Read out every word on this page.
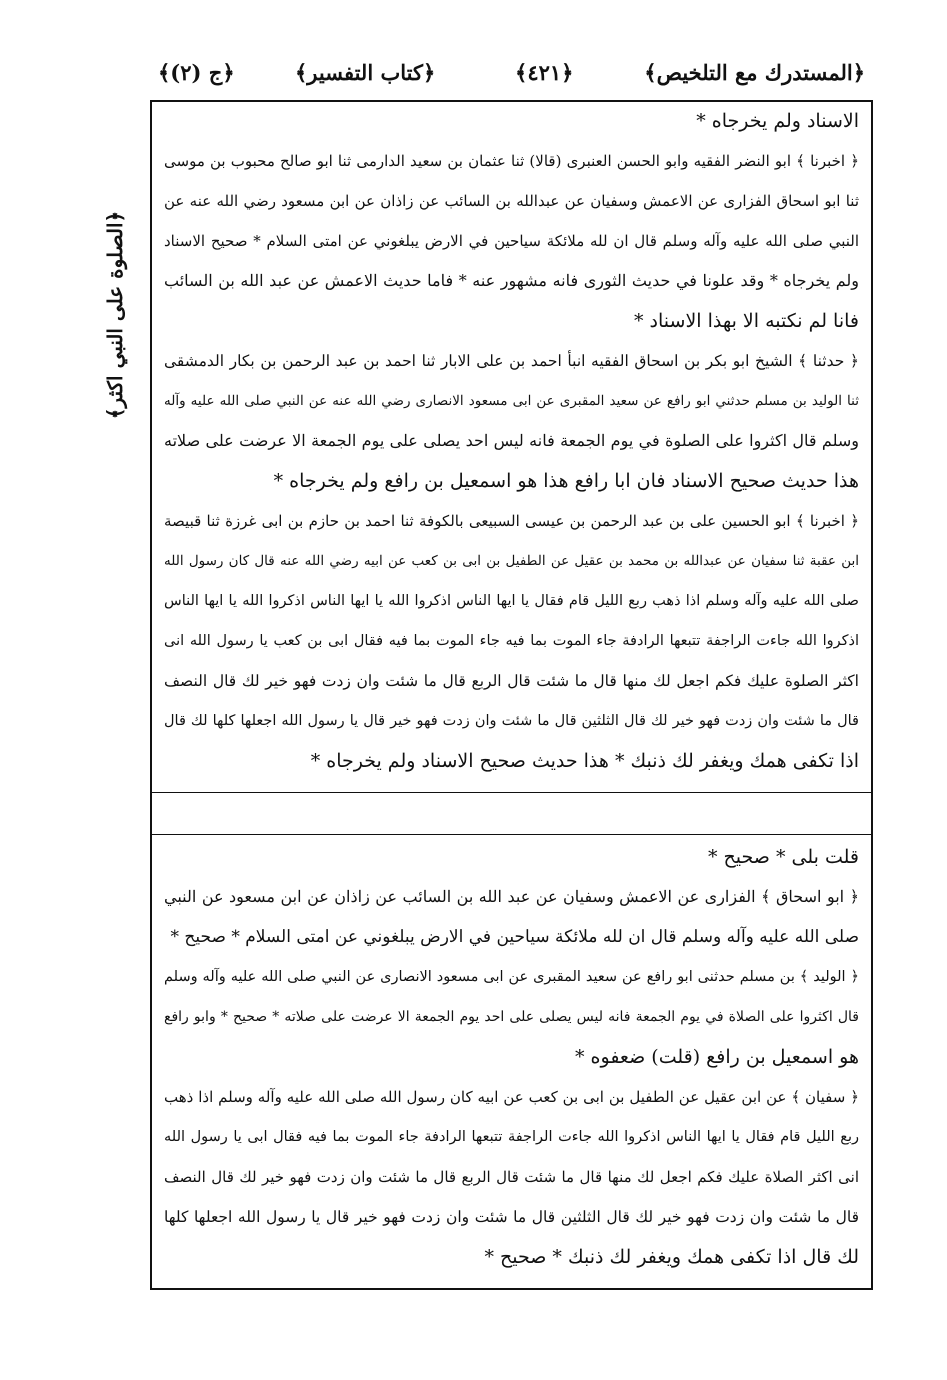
﴿المستدرك مع التلخيص﴾
﴿٤٢١﴾
﴿كتاب التفسير﴾
﴿ج (٢)﴾
﴿الصلوة على النبي اكثر﴾
الاسناد ولم يخرجاه *
﴿ اخبرنا ﴾ ابو النضر الفقيه وابو الحسن العنبرى (قالا) ثنا عثمان بن سعيد الدارمى ثنا ابو صالح محبوب بن موسى
ثنا ابو اسحاق الفزارى عن الاعمش وسفيان عن عبدالله بن السائب عن زاذان عن ابن مسعود رضي الله عنه عن
النبي صلى الله عليه وآله وسلم قال ان لله ملائكة سياحين في الارض يبلغوني عن امتى السلام * صحيح الاسناد
ولم يخرجاه * وقد علونا في حديث الثورى فانه مشهور عنه * فاما حديث الاعمش عن عبد الله بن السائب
فانا لم نكتبه الا بهذا الاسناد *
﴿ حدثنا ﴾ الشيخ ابو بكر بن اسحاق الفقيه انبأ احمد بن على الابار ثنا احمد بن عبد الرحمن بن بكار الدمشقى
ثنا الوليد بن مسلم حدثني ابو رافع عن سعيد المقبرى عن ابى مسعود الانصارى رضي الله عنه عن النبي صلى الله عليه وآله
وسلم قال اكثروا على الصلوة في يوم الجمعة فانه ليس احد يصلى على يوم الجمعة الا عرضت على صلاته
هذا حديث صحيح الاسناد فان ابا رافع هذا هو اسمعيل بن رافع ولم يخرجاه *
﴿ اخبرنا ﴾ ابو الحسين على بن عبد الرحمن بن عيسى السبيعى بالكوفة ثنا احمد بن حازم بن ابى غرزة ثنا قبيصة
ابن عقبة ثنا سفيان عن عبدالله بن محمد بن عقيل عن الطفيل بن ابى بن كعب عن ابيه رضي الله عنه قال كان رسول الله
صلى الله عليه وآله وسلم اذا ذهب ربع الليل قام فقال يا ايها الناس اذكروا الله يا ايها الناس اذكروا الله يا ايها الناس
اذكروا الله جاءت الراجفة تتبعها الرادفة جاء الموت بما فيه جاء الموت بما فيه فقال ابى بن كعب يا رسول الله انى
اكثر الصلوة عليك فكم اجعل لك منها قال ما شئت قال الربع قال ما شئت وان زدت فهو خير لك قال النصف
قال ما شئت وان زدت فهو خير لك قال الثلثين قال ما شئت وان زدت فهو خير قال يا رسول الله اجعلها كلها لك قال
اذا تكفى همك ويغفر لك ذنبك * هذا حديث صحيح الاسناد ولم يخرجاه *
قلت بلى * صحيح *
﴿ ابو اسحاق ﴾ الفزارى عن الاعمش وسفيان عن عبد الله بن السائب عن زاذان عن ابن مسعود عن النبي
صلى الله عليه وآله وسلم قال ان لله ملائكة سياحين في الارض يبلغوني عن امتى السلام * صحيح *
﴿ الوليد ﴾ بن مسلم حدثنى ابو رافع عن سعيد المقبرى عن ابى مسعود الانصارى عن النبي صلى الله عليه وآله وسلم
قال اكثروا على الصلاة في يوم الجمعة فانه ليس يصلى على احد يوم الجمعة الا عرضت على صلاته * صحيح * وابو رافع
هو اسمعيل بن رافع (قلت) ضعفوه *
﴿ سفيان ﴾ عن ابن عقيل عن الطفيل بن ابى بن كعب عن ابيه كان رسول الله صلى الله عليه وآله وسلم اذا ذهب
ربع الليل قام فقال يا ايها الناس اذكروا الله جاءت الراجفة تتبعها الرادفة جاء الموت بما فيه فقال ابى يا رسول الله
انى اكثر الصلاة عليك فكم اجعل لك منها قال ما شئت قال الربع قال ما شئت وان زدت فهو خير لك قال النصف
قال ما شئت وان زدت فهو خير لك قال الثلثين قال ما شئت وان زدت فهو خير قال يا رسول الله اجعلها كلها
لك قال اذا تكفى همك ويغفر لك ذنبك * صحيح *
